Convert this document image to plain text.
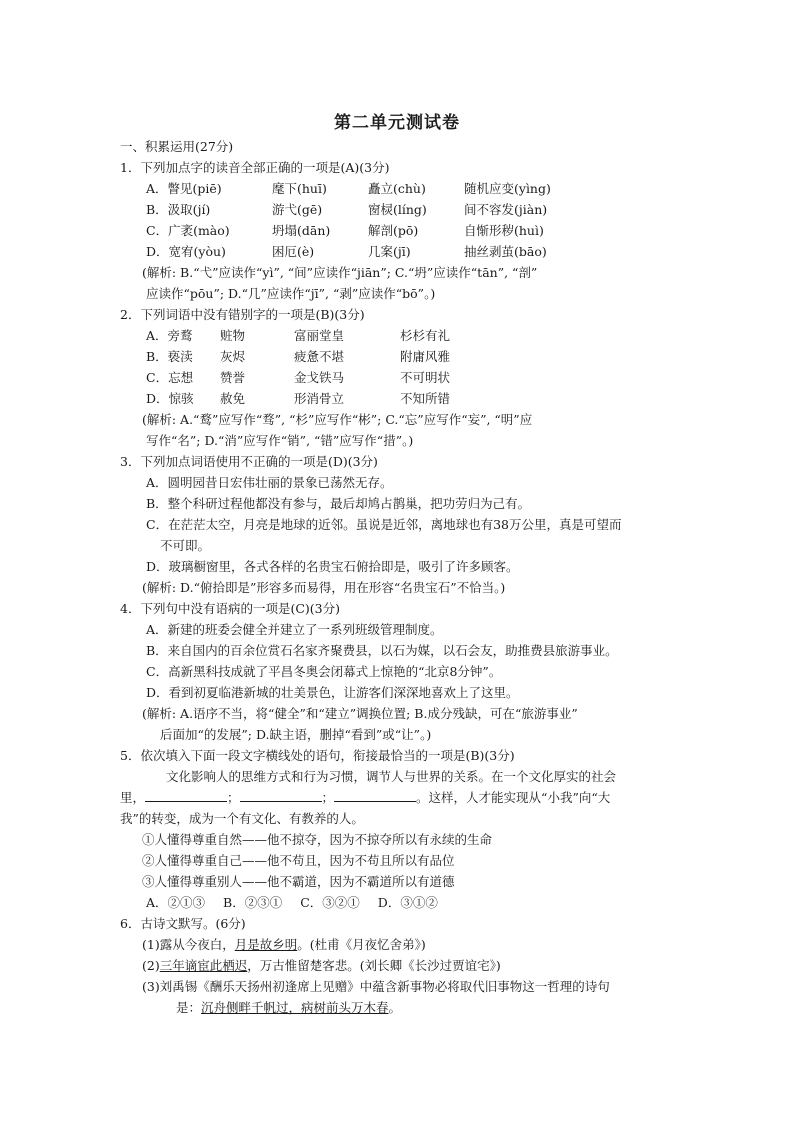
第二单元测试卷
一、积累运用(27分)
1．下列加点字的读音全部正确的一项是(A)(3分)
A．瞥见(piē)	麾下(huī)	矗立(chù)	随机应变(yìng)
B．汲取(jí)	游弋(gē)	窗棂(líng)	间不容发(jiàn)
C．广袤(mào)	坍塌(dān)	解剖(pō)	自惭形秽(huì)
D．宽宥(yòu)	困厄(è)	几案(jī)	抽丝剥茧(bāo)
(解析: B.“弋”应读作“yì”, “间”应读作“jiān”; C.“坍”应读作“tān”, “剖”
应读作“pōu”; D.“几”应读作“jī”, “剥”应读作“bō”。)
2．下列词语中没有错别字的一项是(B)(3分)
A．旁鹜 赃物	富丽堂皇	杉杉有礼
B．亵渎 灰烬	疲惫不堪	附庸风雅
C．忘想 赞誉	金戈铁马	不可明状
D．惊骇 赦免	形消骨立	不知所错
(解析: A.“鹜”应写作“骛”, “杉”应写作“彬”; C.“忘”应写作“妄”, “明”应
写作“名”; D.“消”应写作“销”, “错”应写作“措”。)
3．下列加点词语使用不正确的一项是(D)(3分)
A．圆明园昔日宏伟壮丽的景象已荡然无存。
B．整个科研过程他都没有参与，最后却鸠占鹊巢，把功劳归为己有。
C．在茫茫太空，月亮是地球的近邻。虽说是近邻，离地球也有38万公里，真是可望而
不可即。
D．玻璃橱窗里，各式各样的名贵宝石俯拾即是，吸引了许多顾客。
(解析: D.“俯拾即是”形容多而易得，用在形容“名贵宝石”不恰当。)
4．下列句中没有语病的一项是(C)(3分)
A．新建的班委会健全并建立了一系列班级管理制度。
B．来自国内的百余位赏石名家齐聚费县，以石为媒，以石会友，助推费县旅游事业。
C．高新黑科技成就了平昌冬奥会闭幕式上惊艳的“北京8分钟”。
D．看到初夏临港新城的壮美景色，让游客们深深地喜欢上了这里。
(解析: A.语序不当，将“健全”和“建立”调换位置; B.成分残缺，可在“旅游事业”
后面加“的发展”; D.缺主语，删掉“看到”或“让”。)
5．依次填入下面一段文字横线处的语句，衔接最恰当的一项是(B)(3分)
文化影响人的思维方式和行为习惯，调节人与世界的关系。在一个文化厚实的社会
里，	；	；	。这样，人才能实现从“小我”向“大
我”的转变，成为一个有文化、有教养的人。
①人懂得尊重自然——他不掠夺，因为不掠夺所以有永续的生命
②人懂得尊重自己——他不苟且，因为不苟且所以有品位
③人懂得尊重别人——他不霸道，因为不霸道所以有道德
A．②①③ B．②③① C．③②① D．③①②
6．古诗文默写。(6分)
(1)露从今夜白，月是故乡明。(杜甫《月夜忆舍弟》)
(2)三年谪宦此栖迟，万古惟留楚客悲。(刘长卿《长沙过贾谊宅》)
(3)刘禹锡《酬乐天扬州初逢席上见赠》中蕴含新事物必将取代旧事物这一哲理的诗句
是：沉舟侧畔千帆过，病树前头万木春。
